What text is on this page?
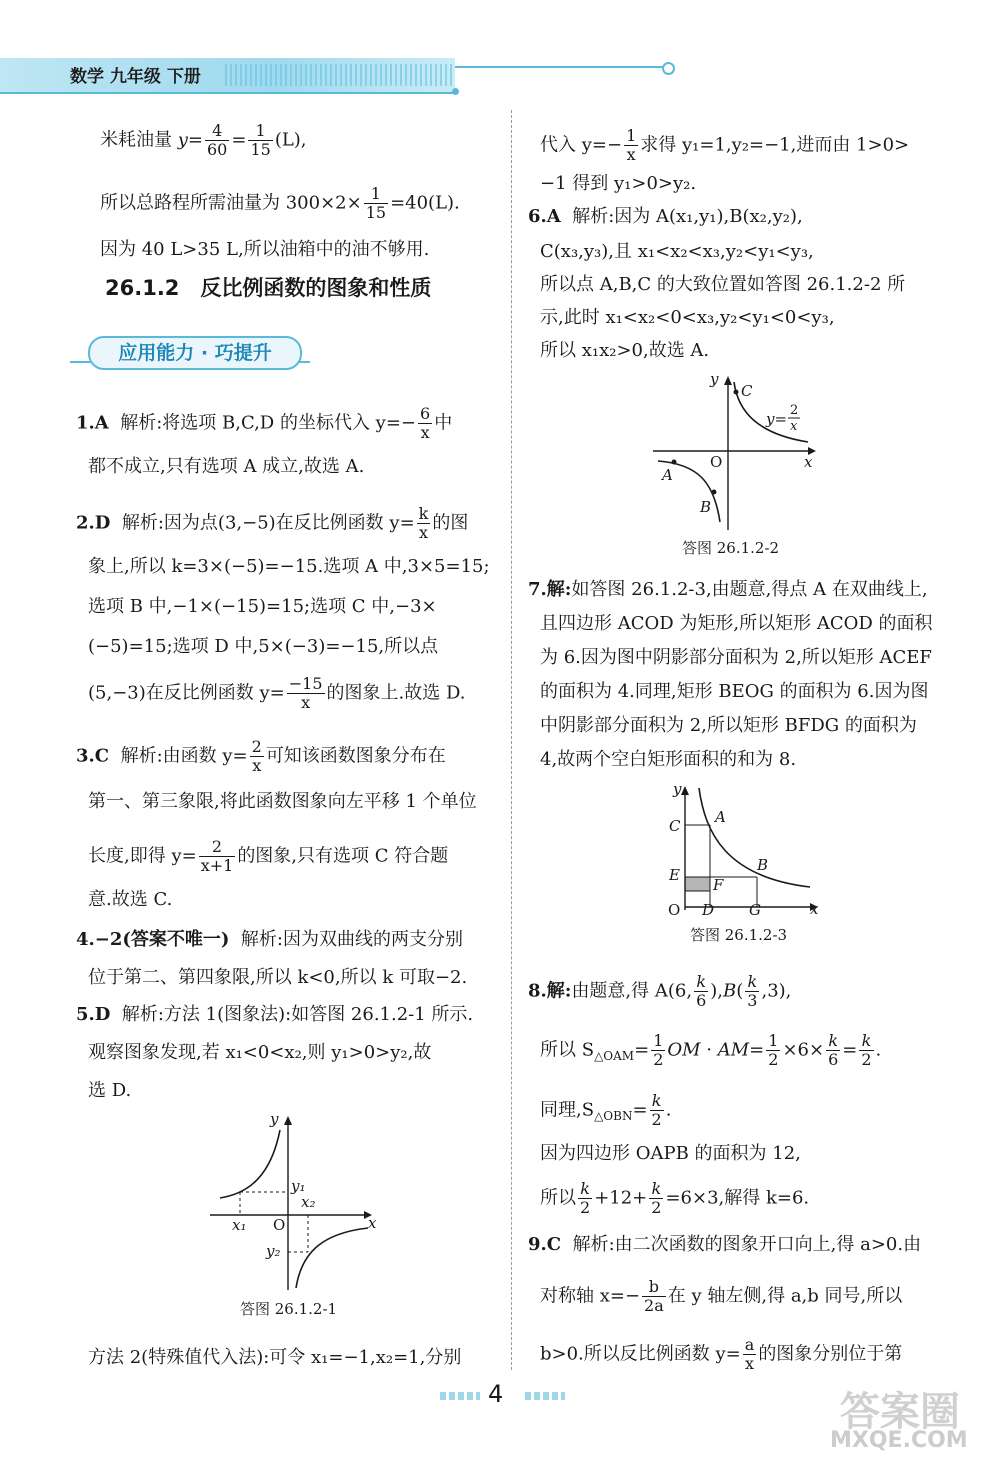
数学 九年级 下册
米耗油量 $y= \frac{4}{60} = \frac{1}{15} (L)$,
所以总路程所需油量为 $300\times 2\times \frac{1}{15} =40(L)$.
因为 40 L>35 L,所以油箱中的油不够用.
26.1.2　反比例函数的图象和性质
应用能力 · 巧提升
1.A 解析:将选项 B,C,D 的坐标代入 $y=- \frac{6}{x}$ 中
都不成立,只有选项 A 成立,故选 A.
2.D 解析:因为点(3,−5)在反比例函数 $y= \frac{k}{x}$ 的图
象上,所以 k=3×(−5)=−15.选项 A 中,3×5=15;
选项 B 中,−1×(−15)=15;选项 C 中,−3×
(−5)=15;选项 D 中,5×(−3)=−15,所以点
(5,−3)在反比例函数 $y= \frac{-15}{x}$ 的图象上.故选 D.
3.C 解析:由函数 $y= \frac{2}{x}$ 可知该函数图象分布在
第一、第三象限,将此函数图象向左平移 1 个单位
长度,即得 $y= \frac{2}{x+1}$ 的图象,只有选项 C 符合题
意.故选 C.
4.−2(答案不唯一) 解析:因为双曲线的两支分别
位于第二、第四象限,所以 k<0,所以 k 可取−2.
5.D 解析:方法 1(图象法):如答图 26.1.2-1 所示.
观察图象发现,若 x₁<0<x₂,则 y₁>0>y₂,故
选 D.
y
x
O
y₁
x₂
x₁
y₂
答图 26.1.2-1
方法 2(特殊值代入法):可令 x₁=−1,x₂=1,分别
代入 $y=- \frac{1}{x}$ 求得 y₁=1,y₂=−1,进而由 1>0>
−1 得到 y₁>0>y₂.
6.A 解析:因为 A(x₁,y₁),B(x₂,y₂),
C(x₃,y₃),且 x₁<x₂<x₃,y₂<y₁<y₃,
所以点 A,B,C 的大致位置如答图 26.1.2-2 所
示,此时 x₁<x₂<0<x₃,y₂<y₁<0<y₃,
所以 x₁x₂>0,故选 A.
y
x
O
C
A
B
y= 2
x
答图 26.1.2-2
7.解:如答图 26.1.2-3,由题意,得点 A 在双曲线上,
且四边形 ACOD 为矩形,所以矩形 ACOD 的面积
为 6.因为图中阴影部分面积为 2,所以矩形 ACEF
的面积为 4.同理,矩形 BEOG 的面积为 6.因为图
中阴影部分面积为 2,所以矩形 BFDG 的面积为
4,故两个空白矩形面积的和为 8.
y
x
O
C A
E
B
F
D G
答图 26.1.2-3
8.解:由题意,得 A(6, $\frac{k}{6} ),B( \frac{k}{3} ,3)$,
所以 $S_{\triangle OAM}= \frac{1}{2}$ OM · $AM= \frac{1}{2} \times 6\times \frac{k}{6} = \frac{k}{2}$ .
同理$,S_{\triangle OBN}= \frac{k}{2}$ .
因为四边形 OAPB 的面积为 12,
所以 $\frac{k}{2} +12+ \frac{k}{2} =6\times 3$,解得 k=6.
9.C 解析:由二次函数的图象开口向上,得 a>0.由
对称轴 $x=- \frac{b}{2a}$ 在 y 轴左侧,得 a,b 同号,所以
b>0.所以反比例函数 $y= \frac{a}{x}$ 的图象分别位于第
4	答案圈
MXQE.COM
